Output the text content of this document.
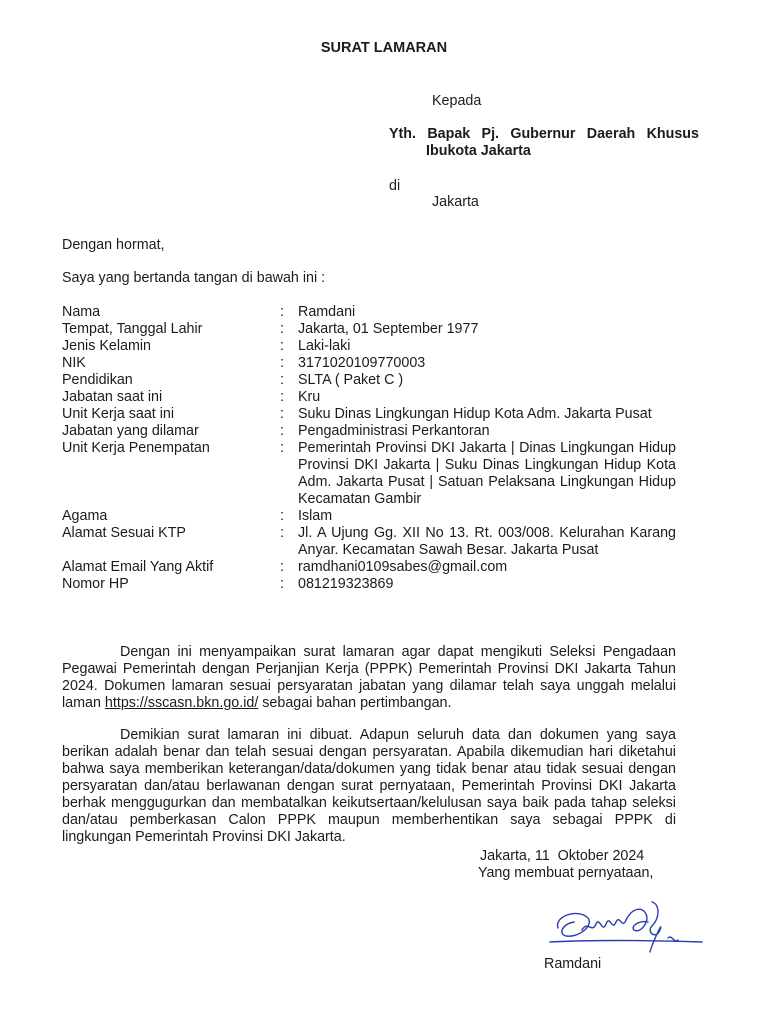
SURAT LAMARAN
Kepada
Yth. Bapak Pj. Gubernur Daerah Khusus
Ibukota Jakarta
di
Jakarta
Dengan hormat,
Saya yang bertanda tangan di bawah ini :
Nama	: Ramdani
Tempat, Tanggal Lahir	: Jakarta, 01 September 1977
Jenis Kelamin	: Laki-laki
NIK	: 3171020109770003
Pendidikan	: SLTA ( Paket C )
Jabatan saat ini	: Kru
Unit Kerja saat ini	: Suku Dinas Lingkungan Hidup Kota Adm. Jakarta Pusat
Jabatan yang dilamar	: Pengadministrasi Perkantoran
Unit Kerja Penempatan	: Pemerintah Provinsi DKI Jakarta | Dinas Lingkungan Hidup Provinsi DKI Jakarta | Suku Dinas Lingkungan Hidup Kota Adm. Jakarta Pusat | Satuan Pelaksana Lingkungan Hidup Kecamatan Gambir
Agama	: Islam
Alamat Sesuai KTP	: Jl. A Ujung Gg. XII No 13. Rt. 003/008. Kelurahan Karang Anyar. Kecamatan Sawah Besar. Jakarta Pusat
Alamat Email Yang Aktif	: ramdhani0109sabes@gmail.com
Nomor HP	: 081219323869
Dengan ini menyampaikan surat lamaran agar dapat mengikuti Seleksi Pengadaan Pegawai Pemerintah dengan Perjanjian Kerja (PPPK) Pemerintah Provinsi DKI Jakarta Tahun 2024. Dokumen lamaran sesuai persyaratan jabatan yang dilamar telah saya unggah melalui laman https://sscasn.bkn.go.id/ sebagai bahan pertimbangan.
Demikian surat lamaran ini dibuat. Adapun seluruh data dan dokumen yang saya berikan adalah benar dan telah sesuai dengan persyaratan. Apabila dikemudian hari diketahui bahwa saya memberikan keterangan/data/dokumen yang tidak benar atau tidak sesuai dengan persyaratan dan/atau berlawanan dengan surat pernyataan, Pemerintah Provinsi DKI Jakarta berhak menggugurkan dan membatalkan keikutsertaan/kelulusan saya baik pada tahap seleksi dan/atau pemberkasan Calon PPPK maupun memberhentikan saya sebagai PPPK di lingkungan Pemerintah Provinsi DKI Jakarta.
Jakarta, 11  Oktober 2024
Yang membuat pernyataan,
Ramdani
